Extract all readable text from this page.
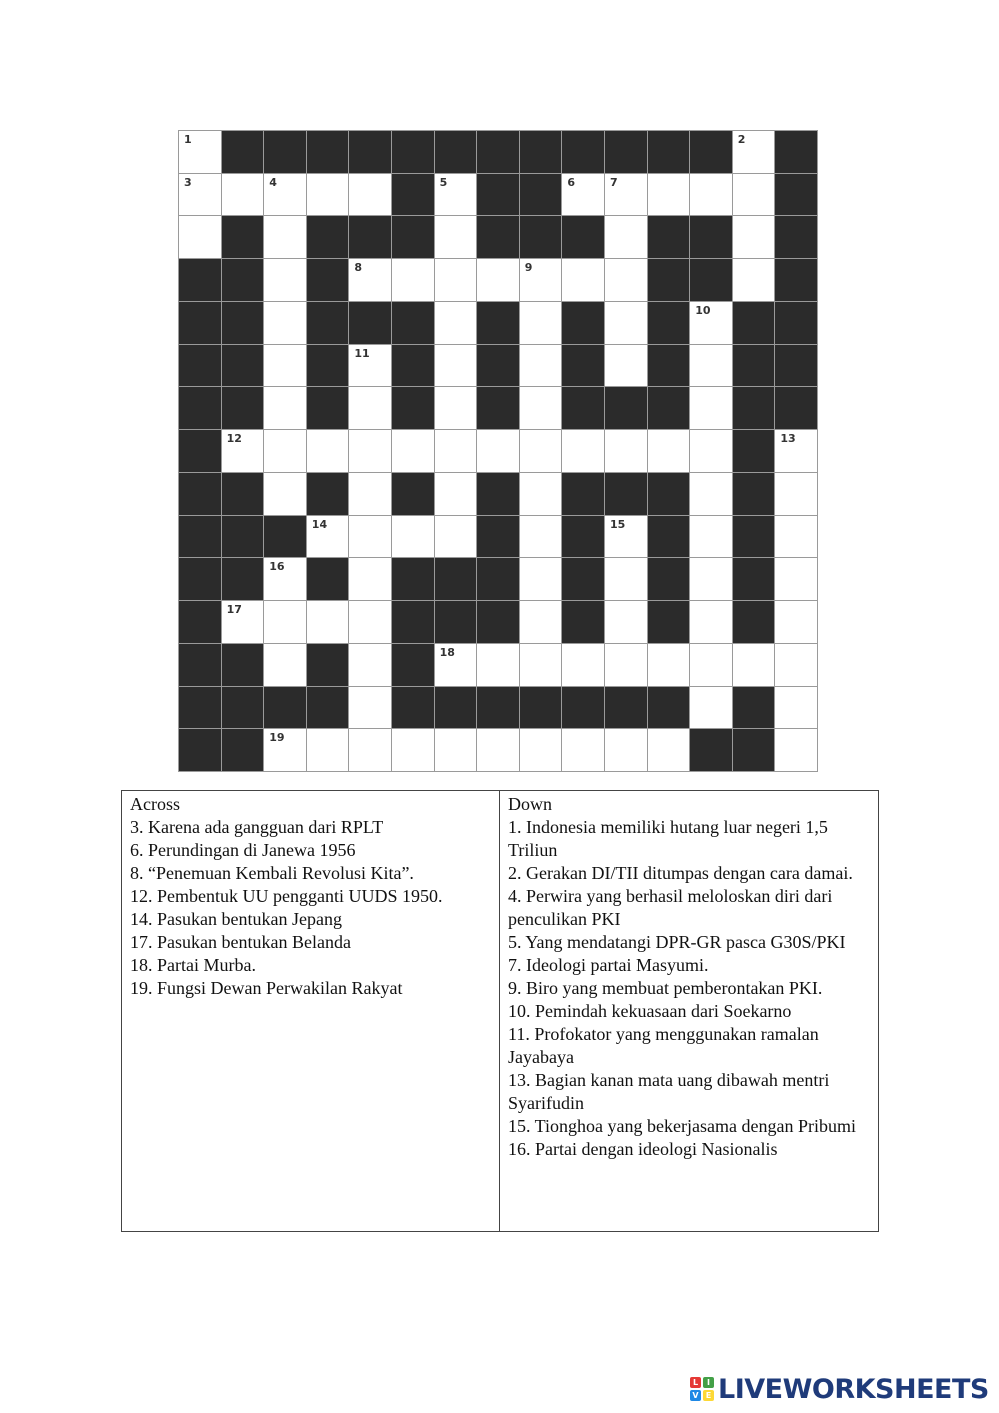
1	2
3	4	5	6	7
8	9
10
11
12	13
14	15
16
17
18
19
Across
3. Karena ada gangguan dari RPLT
6. Perundingan di Janewa 1956
8. “Penemuan Kembali Revolusi Kita”.
12. Pembentuk UU pengganti UUDS 1950.
14. Pasukan bentukan Jepang
17. Pasukan bentukan Belanda
18. Partai Murba.
19. Fungsi Dewan Perwakilan Rakyat
Down
1. Indonesia memiliki hutang luar negeri 1,5 Triliun
2. Gerakan DI/TII ditumpas dengan cara damai.
4. Perwira yang berhasil meloloskan diri dari penculikan PKI
5. Yang mendatangi DPR-GR pasca G30S/PKI
7. Ideologi partai Masyumi.
9. Biro yang membuat pemberontakan PKI.
10. Pemindah kekuasaan dari Soekarno
11. Profokator yang menggunakan ramalan Jayabaya
13. Bagian kanan mata uang dibawah mentri Syarifudin
15. Tionghoa yang bekerjasama dengan Pribumi
16. Partai dengan ideologi Nasionalis
L	I
V E LIVEWORKSHEETS
